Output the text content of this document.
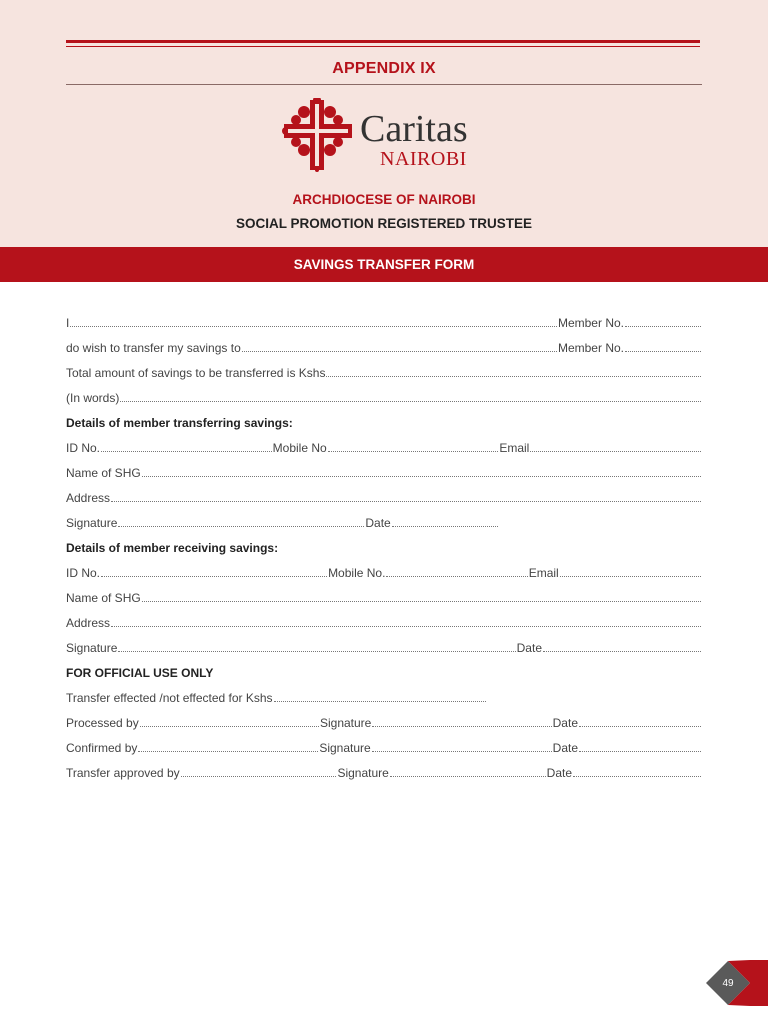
APPENDIX IX
Caritas
NAIROBI
ARCHDIOCESE OF NAIROBI
SOCIAL PROMOTION REGISTERED TRUSTEE
SAVINGS TRANSFER FORM
I	Member No.
do wish to transfer my savings to	Member No.
Total amount of savings to be transferred is Kshs
(In words)
Details of member transferring savings:
ID No.	Mobile No	Email
Name of SHG
Address
Signature	Date
Details of member receiving savings:
ID No.	Mobile No.	Email
Name of SHG
Address
Signature	Date
FOR OFFICIAL USE ONLY
Transfer effected /not effected for Kshs
Processed by	Signature	Date
Confirmed by	Signature	Date
Transfer approved by	Signature	Date
49
